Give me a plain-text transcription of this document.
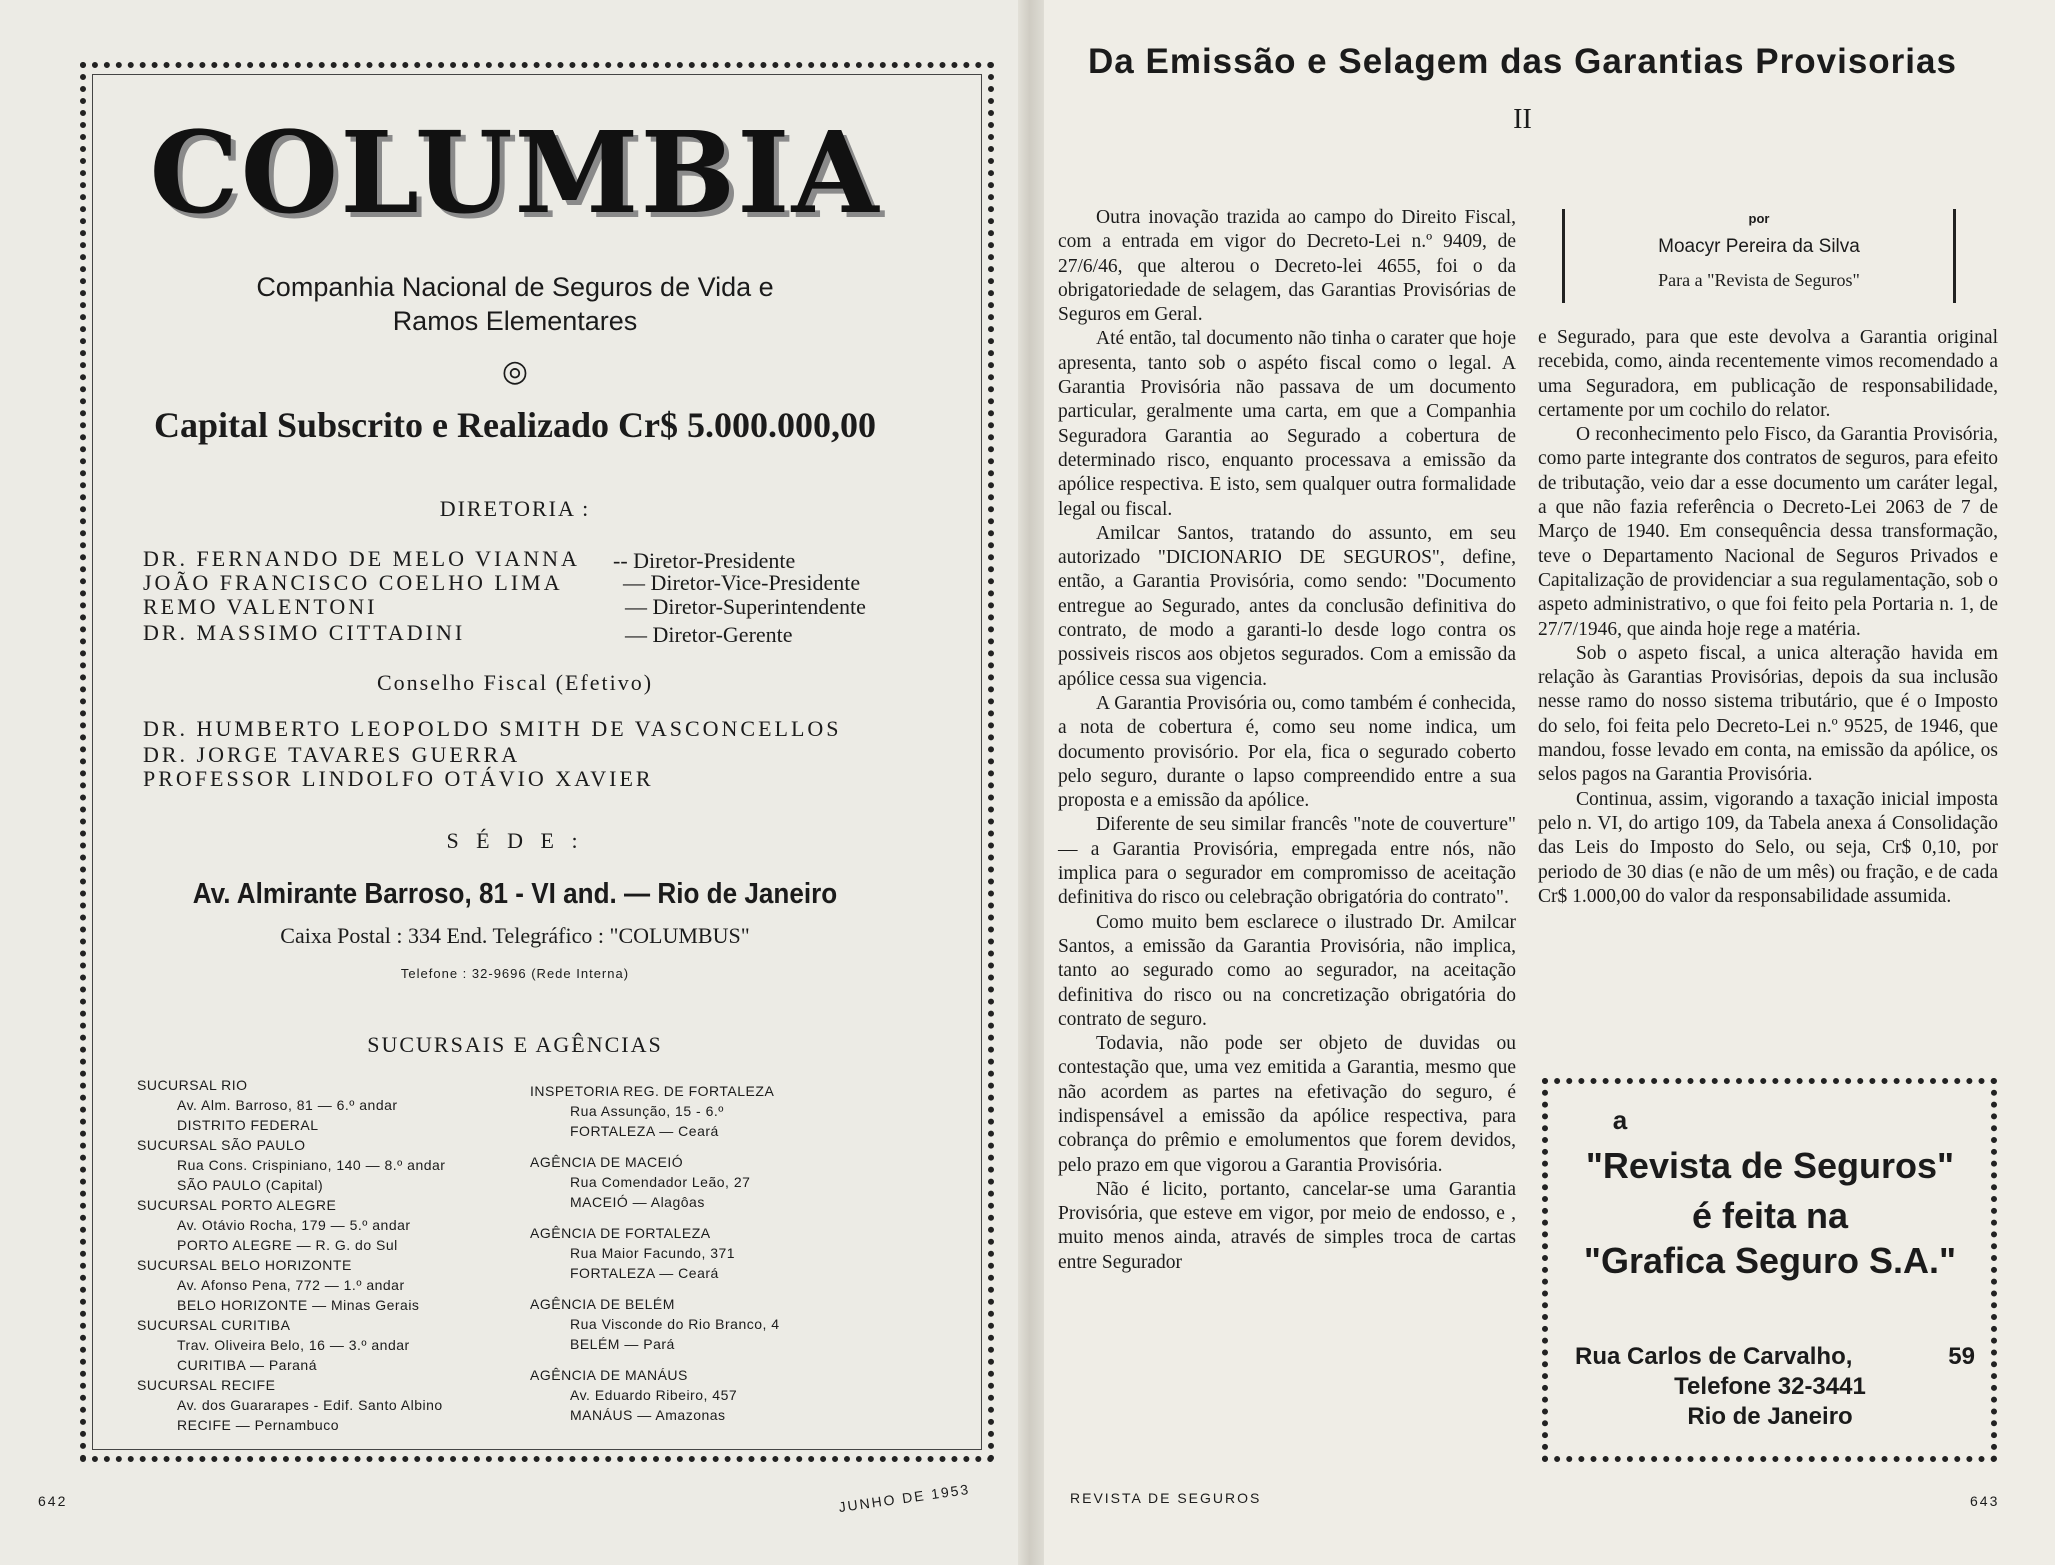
COLUMBIA
Companhia Nacional de Seguros de Vida e
Ramos Elementares
◎
Capital Subscrito e Realizado Cr$ 5.000.000,00
DIRETORIA :
DR. FERNANDO DE MELO VIANNA -- Diretor-Presidente
JOÃO FRANCISCO COELHO LIMA	— Diretor-Vice-Presidente
REMO VALENTONI	— Diretor-Superintendente
DR. MASSIMO CITTADINI	— Diretor-Gerente
Conselho Fiscal (Efetivo)
DR. HUMBERTO LEOPOLDO SMITH DE VASCONCELLOS
DR. JORGE TAVARES GUERRA
PROFESSOR LINDOLFO OTÁVIO XAVIER
S É D E :
Av. Almirante Barroso, 81 - VI and. — Rio de Janeiro
Caixa Postal : 334 End. Telegráfico : "COLUMBUS"
Telefone : 32-9696 (Rede Interna)
SUCURSAIS E AGÊNCIAS
SUCURSAL RIO
Av. Alm. Barroso, 81 — 6.º andar
DISTRITO FEDERAL
SUCURSAL SÃO PAULO
Rua Cons. Crispiniano, 140 — 8.º andar
SÃO PAULO (Capital)
SUCURSAL PORTO ALEGRE
Av. Otávio Rocha, 179 — 5.º andar
PORTO ALEGRE — R. G. do Sul
SUCURSAL BELO HORIZONTE
Av. Afonso Pena, 772 — 1.º andar
BELO HORIZONTE — Minas Gerais
SUCURSAL CURITIBA
Trav. Oliveira Belo, 16 — 3.º andar
CURITIBA — Paraná
SUCURSAL RECIFE
Av. dos Guararapes - Edif. Santo Albino
RECIFE — Pernambuco
INSPETORIA REG. DE FORTALEZA
Rua Assunção, 15 - 6.º
FORTALEZA — Ceará
AGÊNCIA DE MACEIÓ
Rua Comendador Leão, 27
MACEIÓ — Alagôas
AGÊNCIA DE FORTALEZA
Rua Maior Facundo, 371
FORTALEZA — Ceará
AGÊNCIA DE BELÉM
Rua Visconde do Rio Branco, 4
BELÉM — Pará
AGÊNCIA DE MANÁUS
Av. Eduardo Ribeiro, 457
MANÁUS — Amazonas
642	JUNHO DE 1953
Da Emissão e Selagem das Garantias Provisorias
II

Outra inovação trazida ao campo do Direito Fiscal, com a entrada em vigor do Decreto-Lei n.º 9409, de 27/6/46, que alterou o Decreto-lei 4655, foi o da obrigatoriedade de selagem, das Garantias Provisórias de Seguros em Geral.

Até então, tal documento não tinha o carater que hoje apresenta, tanto sob o aspéto fiscal como o legal. A Garantia Provisória não passava de um documento particular, geralmente uma carta, em que a Companhia Seguradora Garantia ao Segurado a cobertura de determinado risco, enquanto processava a emissão da apólice respectiva. E isto, sem qualquer outra formalidade legal ou fiscal.

Amilcar Santos, tratando do assunto, em seu autorizado "DICIONARIO DE SEGUROS", define, então, a Garantia Provisória, como sendo: "Documento entregue ao Segurado, antes da conclusão definitiva do contrato, de modo a garanti-lo desde logo contra os possiveis riscos aos objetos segurados. Com a emissão da apólice cessa sua vigencia.

A Garantia Provisória ou, como também é conhecida, a nota de cobertura é, como seu nome indica, um documento provisório. Por ela, fica o segurado coberto pelo seguro, durante o lapso compreendido entre a sua proposta e a emissão da apólice.

Diferente de seu similar francês "note de couverture" — a Garantia Provisória, empregada entre nós, não implica para o segurador em compromisso de aceitação definitiva do risco ou celebração obrigatória do contrato".

Como muito bem esclarece o ilustrado Dr. Amilcar Santos, a emissão da Garantia Provisória, não implica, tanto ao segurado como ao segurador, na aceitação definitiva do risco ou na concretização obrigatória do contrato de seguro.

Todavia, não pode ser objeto de duvidas ou contestação que, uma vez emitida a Garantia, mesmo que não acordem as partes na efetivação do seguro, é indispensável a emissão da apólice respectiva, para cobrança do prêmio e emolumentos que forem devidos, pelo prazo em que vigorou a Garantia Provisória.

Não é licito, portanto, cancelar-se uma Garantia Provisória, que esteve em vigor, por meio de endosso, e , muito menos ainda, através de simples troca de cartas entre Segurador

por
Moacyr Pereira da Silva
Para a "Revista de Seguros"

e Segurado, para que este devolva a Garantia original recebida, como, ainda recentemente vimos recomendado a uma Seguradora, em publicação de responsabilidade, certamente por um cochilo do relator.

O reconhecimento pelo Fisco, da Garantia Provisória, como parte integrante dos contratos de seguros, para efeito de tributação, veio dar a esse documento um caráter legal, a que não fazia referência o Decreto-Lei 2063 de 7 de Março de 1940. Em consequência dessa transformação, teve o Departamento Nacional de Seguros Privados e Capitalização de providenciar a sua regulamentação, sob o aspeto administrativo, o que foi feito pela Portaria n. 1, de 27/7/1946, que ainda hoje rege a matéria.

Sob o aspeto fiscal, a unica alteração havida em relação às Garantias Provisórias, depois da sua inclusão nesse ramo do nosso sistema tributário, que é o Imposto do selo, foi feita pelo Decreto-Lei n.º 9525, de 1946, que mandou, fosse levado em conta, na emissão da apólice, os selos pagos na Garantia Provisória.

Continua, assim, vigorando a taxação inicial imposta pelo n. VI, do artigo 109, da Tabela anexa á Consolidação das Leis do Imposto do Selo, ou seja, Cr$ 0,10, por periodo de 30 dias (e não de um mês) ou fração, e de cada Cr$ 1.000,00 do valor da responsabilidade assumida.

a
"Revista de Seguros"
é feita na
"Grafica Seguro S.A."
Rua Carlos de Carvalho,	59
Telefone 32-3441
Rio de Janeiro
REVISTA DE SEGUROS	643
